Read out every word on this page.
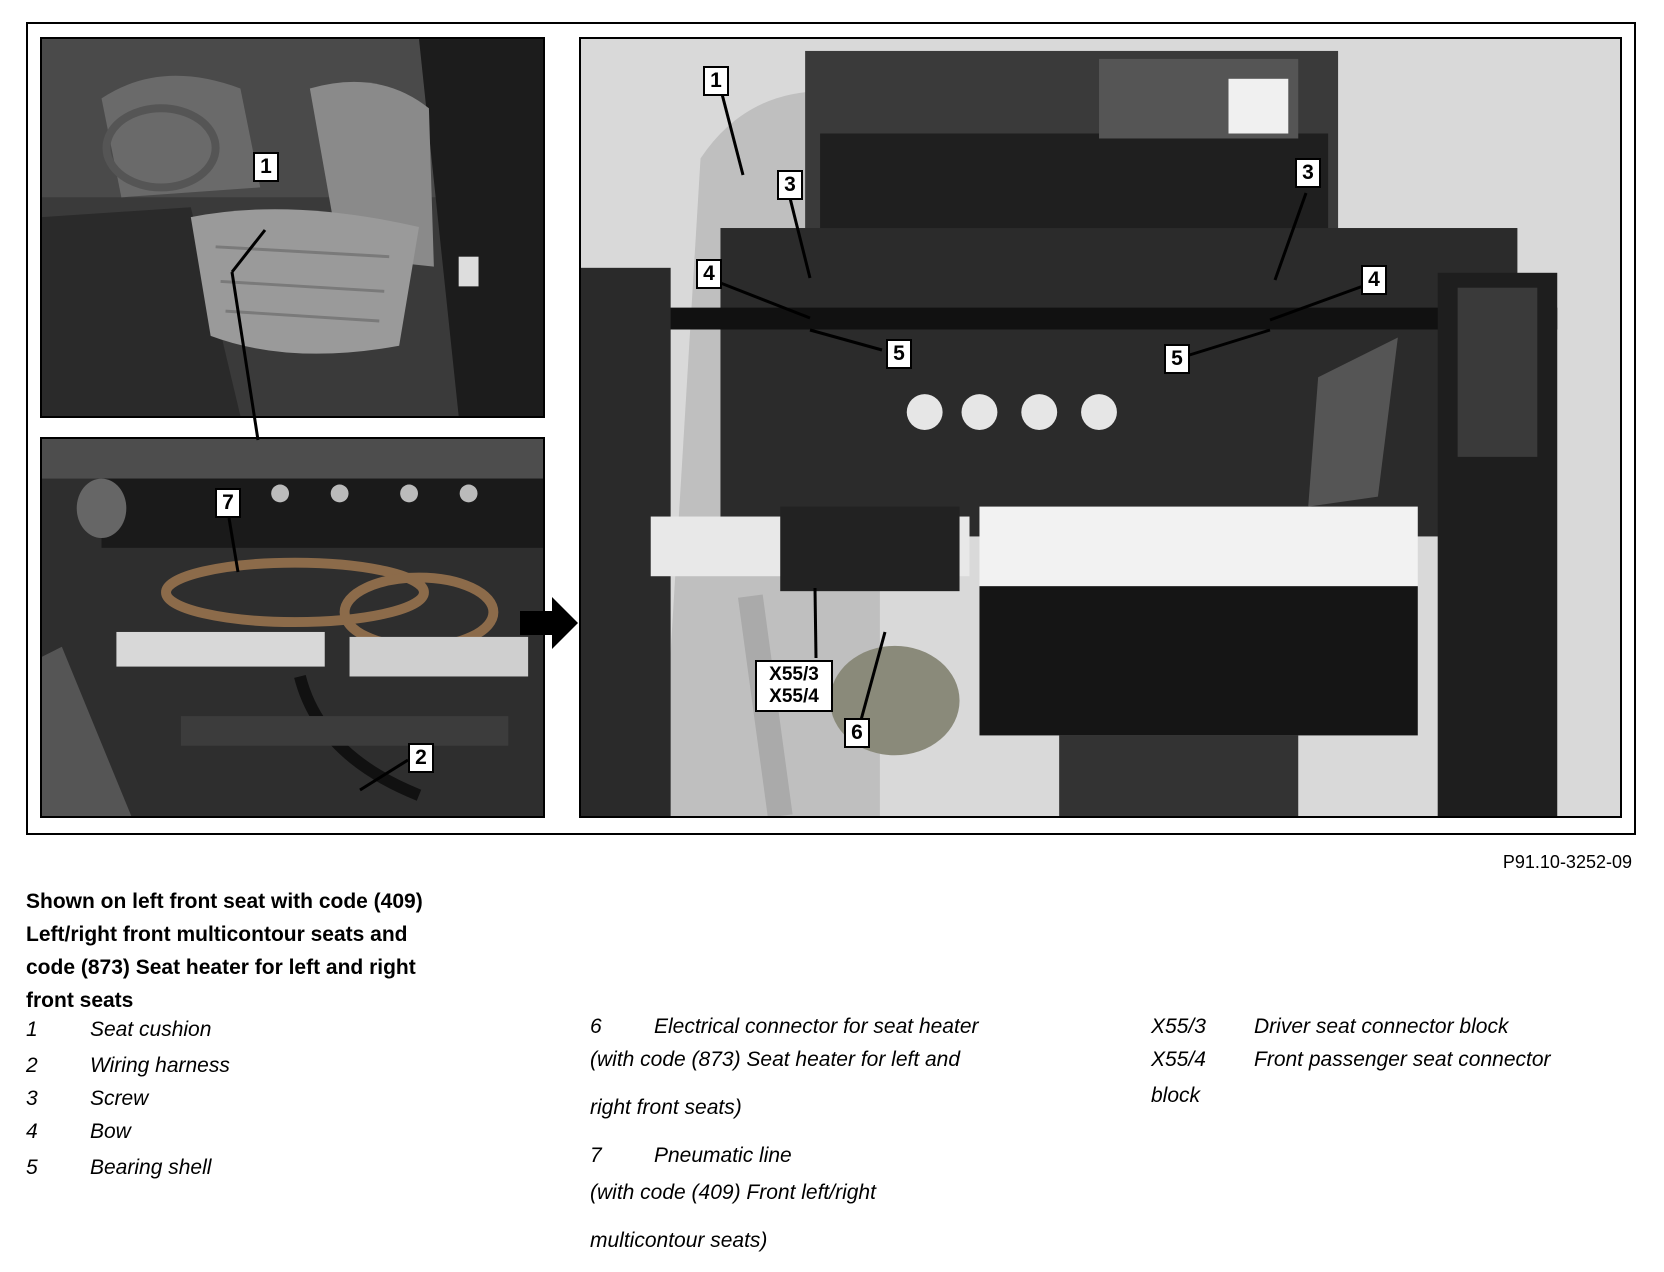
1
7
2
1
3
3
4	4
5	5
X55/3
X55/4
6
P91.10-3252-09
Shown on left front seat with code (409)
Left/right front multicontour seats and
code (873) Seat heater for left and right
front seats
1 Seat cushion
2 Wiring harness
3 Screw
4 Bow
5 Bearing shell
6 Electrical connector for seat heater
(with code (873) Seat heater for left and
right front seats)
7 Pneumatic line
(with code (409) Front left/right
multicontour seats)
X55/3 Driver seat connector block
X55/4 Front passenger seat connector
block
